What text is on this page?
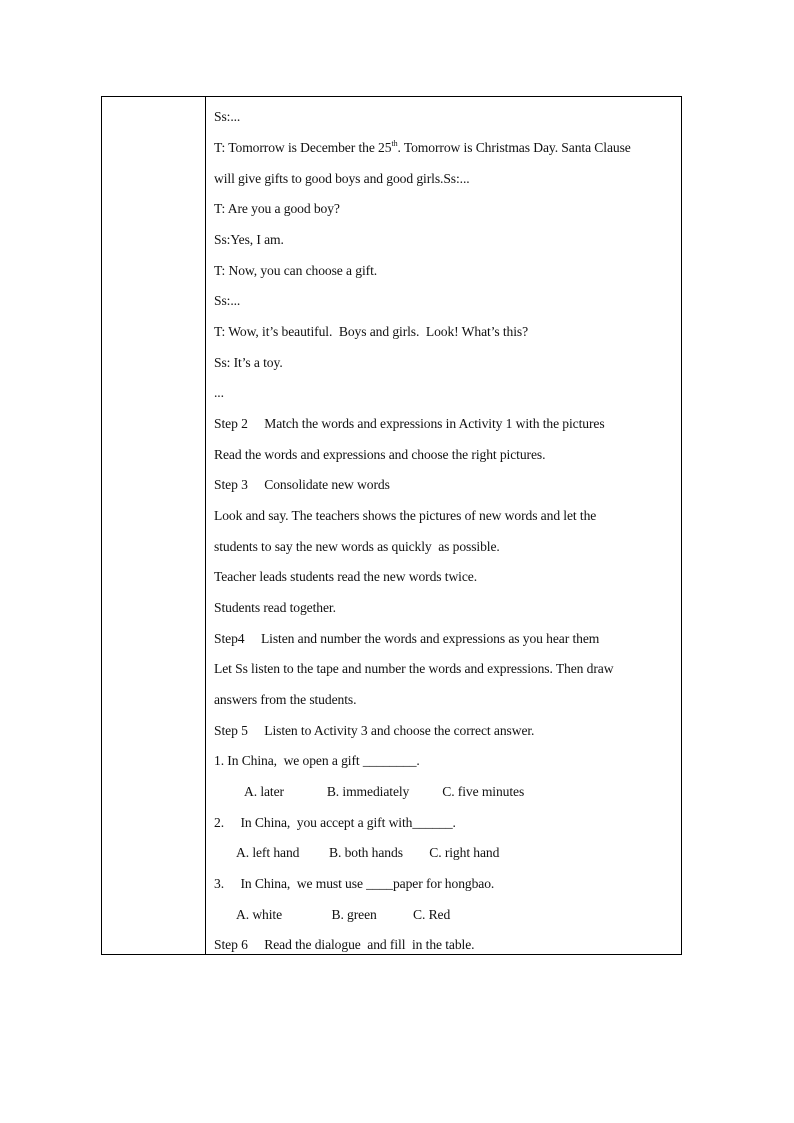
Ss:...
T: Tomorrow is December the 25th. Tomorrow is Christmas Day. Santa Clause
will give gifts to good boys and good girls.Ss:...
T: Are you a good boy?
Ss:Yes, I am.
T: Now, you can choose a gift.
Ss:...
T: Wow, it’s beautiful.  Boys and girls.  Look! What’s this?
Ss: It’s a toy.
...
Step 2     Match the words and expressions in Activity 1 with the pictures
Read the words and expressions and choose the right pictures.
Step 3     Consolidate new words
Look and say. The teachers shows the pictures of new words and let the
students to say the new words as quickly  as possible.
Teacher leads students read the new words twice.
Students read together.
Step4     Listen and number the words and expressions as you hear them
Let Ss listen to the tape and number the words and expressions. Then draw
answers from the students.
Step 5     Listen to Activity 3 and choose the correct answer.
1. In China,  we open a gift ________.
A. later             B. immediately          C. five minutes
2.     In China,  you accept a gift with______.
A. left hand         B. both hands        C. right hand
3.     In China,  we must use ____paper for hongbao.
A. white               B. green           C. Red
Step 6     Read the dialogue  and fill  in the table.
